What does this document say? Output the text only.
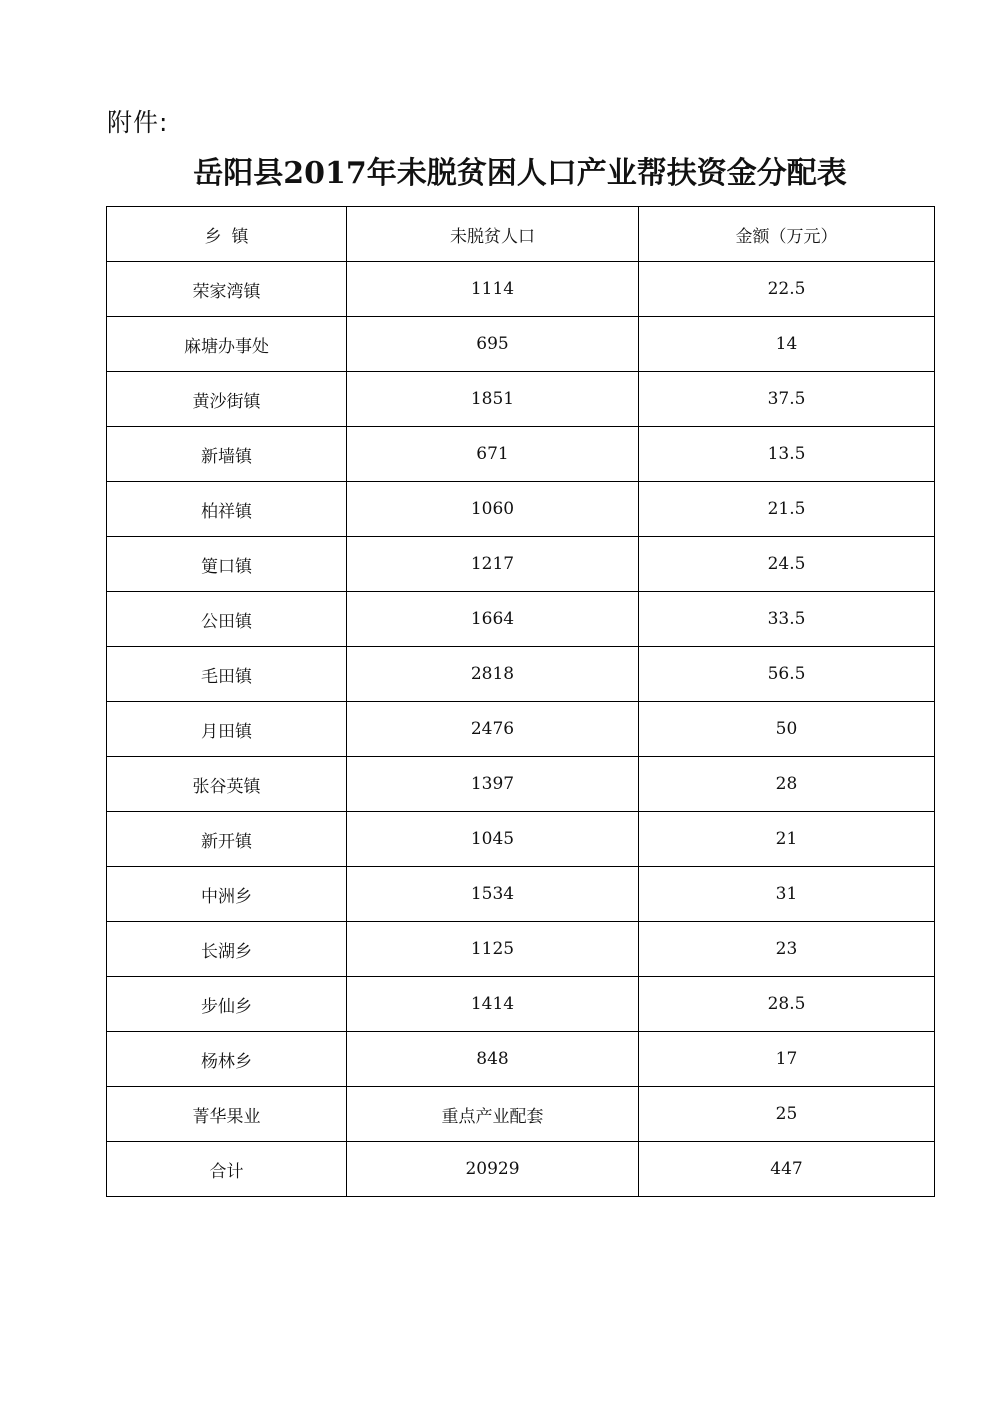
附件:
岳阳县2017年未脱贫困人口产业帮扶资金分配表
乡镇	未脱贫人口	金额（万元）
荣家湾镇	1114	22.5
麻塘办事处	695	14
黄沙街镇	1851	37.5
新墙镇	671	13.5
柏祥镇	1060	21.5
筻口镇	1217	24.5
公田镇	1664	33.5
毛田镇	2818	56.5
月田镇	2476	50
张谷英镇	1397	28
新开镇	1045	21
中洲乡	1534	31
长湖乡	1125	23
步仙乡	1414	28.5
杨林乡	848	17
菁华果业	重点产业配套	25
合计	20929	447
